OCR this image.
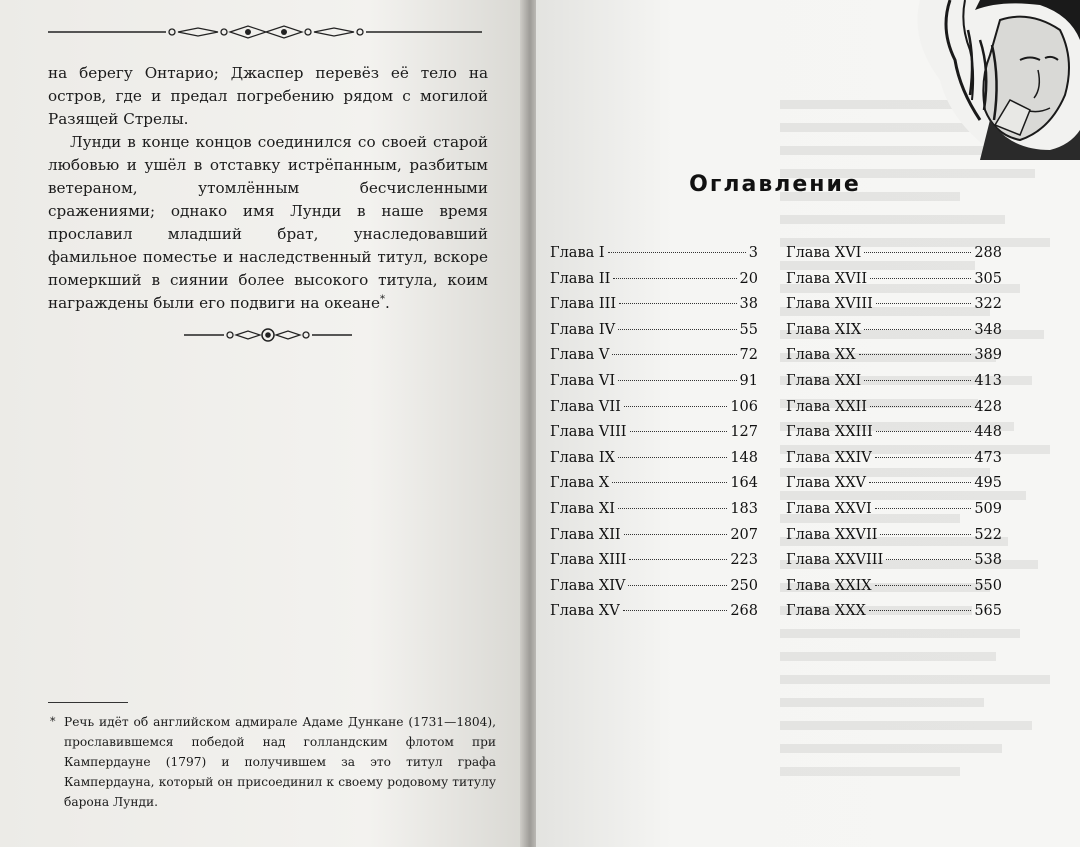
на берегу Онтарио; Джаспер перевёз её тело на остров, где и предал погребению рядом с могилой Разящей Стрелы.

Лунди в конце концов соединился со своей старой любовью и ушёл в отставку истрёпанным, разбитым ветераном, утомлённым бесчисленными сражениями; однако имя Лунди в наше время прославил младший брат, унаследовавший фамильное поместье и наследственный титул, вскоре померкший в сиянии более высокого титула, коим награждены были его подвиги на океане*.

* Речь идёт об английском адмирале Адаме Дункане (1731—1804), прославившемся победой над голландским флотом при Кампердауне (1797) и получившем за это титул графа Кампердауна, который он присоединил к своему родовому титулу барона Лунди.
Оглавление
Глава I	3
Глава II	20
Глава III	38
Глава IV	55
Глава V	72
Глава VI	91
Глава VII	106
Глава VIII	127
Глава IX	148
Глава X	164
Глава XI	183
Глава XII	207
Глава XIII	223
Глава XIV	250
Глава XV	268
Глава XVI	288
Глава XVII	305
Глава XVIII	322
Глава XIX	348
Глава XX	389
Глава XXI	413
Глава XXII	428
Глава XXIII	448
Глава XXIV	473
Глава XXV	495
Глава XXVI	509
Глава XXVII	522
Глава XXVIII	538
Глава XXIX	550
Глава XXX	565
